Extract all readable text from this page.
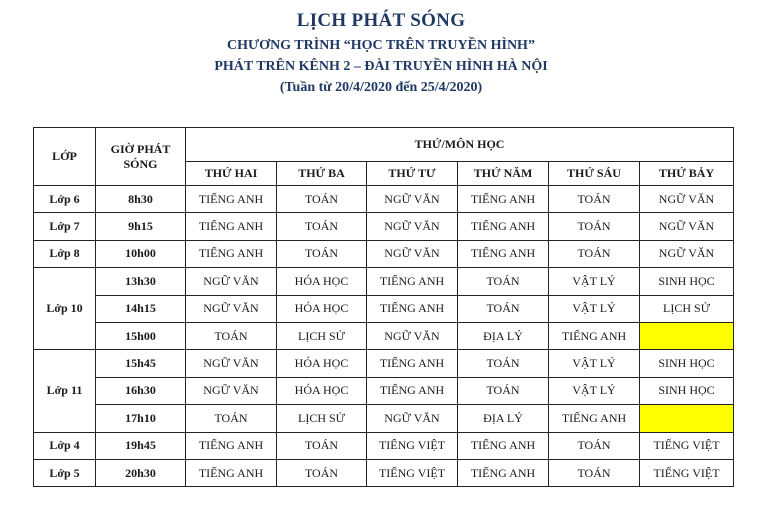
LỊCH PHÁT SÓNG
CHƯƠNG TRÌNH “HỌC TRÊN TRUYỀN HÌNH”
PHÁT TRÊN KÊNH 2 – ĐÀI TRUYỀN HÌNH HÀ NỘI
(Tuần từ 20/4/2020 đến 25/4/2020)
LỚP	GIỜ PHÁT SÓNG	THỨ/MÔN HỌC					
		THỨ HAI	THỨ BA	THỨ TƯ	THỨ NĂM	THỨ SÁU	THỨ BẢY
Lớp 6	8h30	TIẾNG ANH	TOÁN	NGỮ VĂN	TIẾNG ANH	TOÁN	NGỮ VĂN
Lớp 7	9h15	TIẾNG ANH	TOÁN	NGỮ VĂN	TIẾNG ANH	TOÁN	NGỮ VĂN
Lớp 8	10h00	TIẾNG ANH	TOÁN	NGỮ VĂN	TIẾNG ANH	TOÁN	NGỮ VĂN
Lớp 10	13h30	NGỮ VĂN	HÓA HỌC	TIẾNG ANH	TOÁN	VẬT LÝ	SINH HỌC
	14h15	NGỮ VĂN	HÓA HỌC	TIẾNG ANH	TOÁN	VẬT LÝ	LỊCH SỬ
	15h00	TOÁN	LỊCH SỬ	NGỮ VĂN	ĐỊA LÝ	TIẾNG ANH	
Lớp 11	15h45	NGỮ VĂN	HÓA HỌC	TIẾNG ANH	TOÁN	VẬT LÝ	SINH HỌC
	16h30	NGỮ VĂN	HÓA HỌC	TIẾNG ANH	TOÁN	VẬT LÝ	SINH HỌC
	17h10	TOÁN	LỊCH SỬ	NGỮ VĂN	ĐỊA LÝ	TIẾNG ANH	
Lớp 4	19h45	TIẾNG ANH	TOÁN	TIẾNG VIỆT	TIẾNG ANH	TOÁN	TIẾNG VIỆT
Lớp 5	20h30	TIẾNG ANH	TOÁN	TIẾNG VIỆT	TIẾNG ANH	TOÁN	TIẾNG VIỆT
